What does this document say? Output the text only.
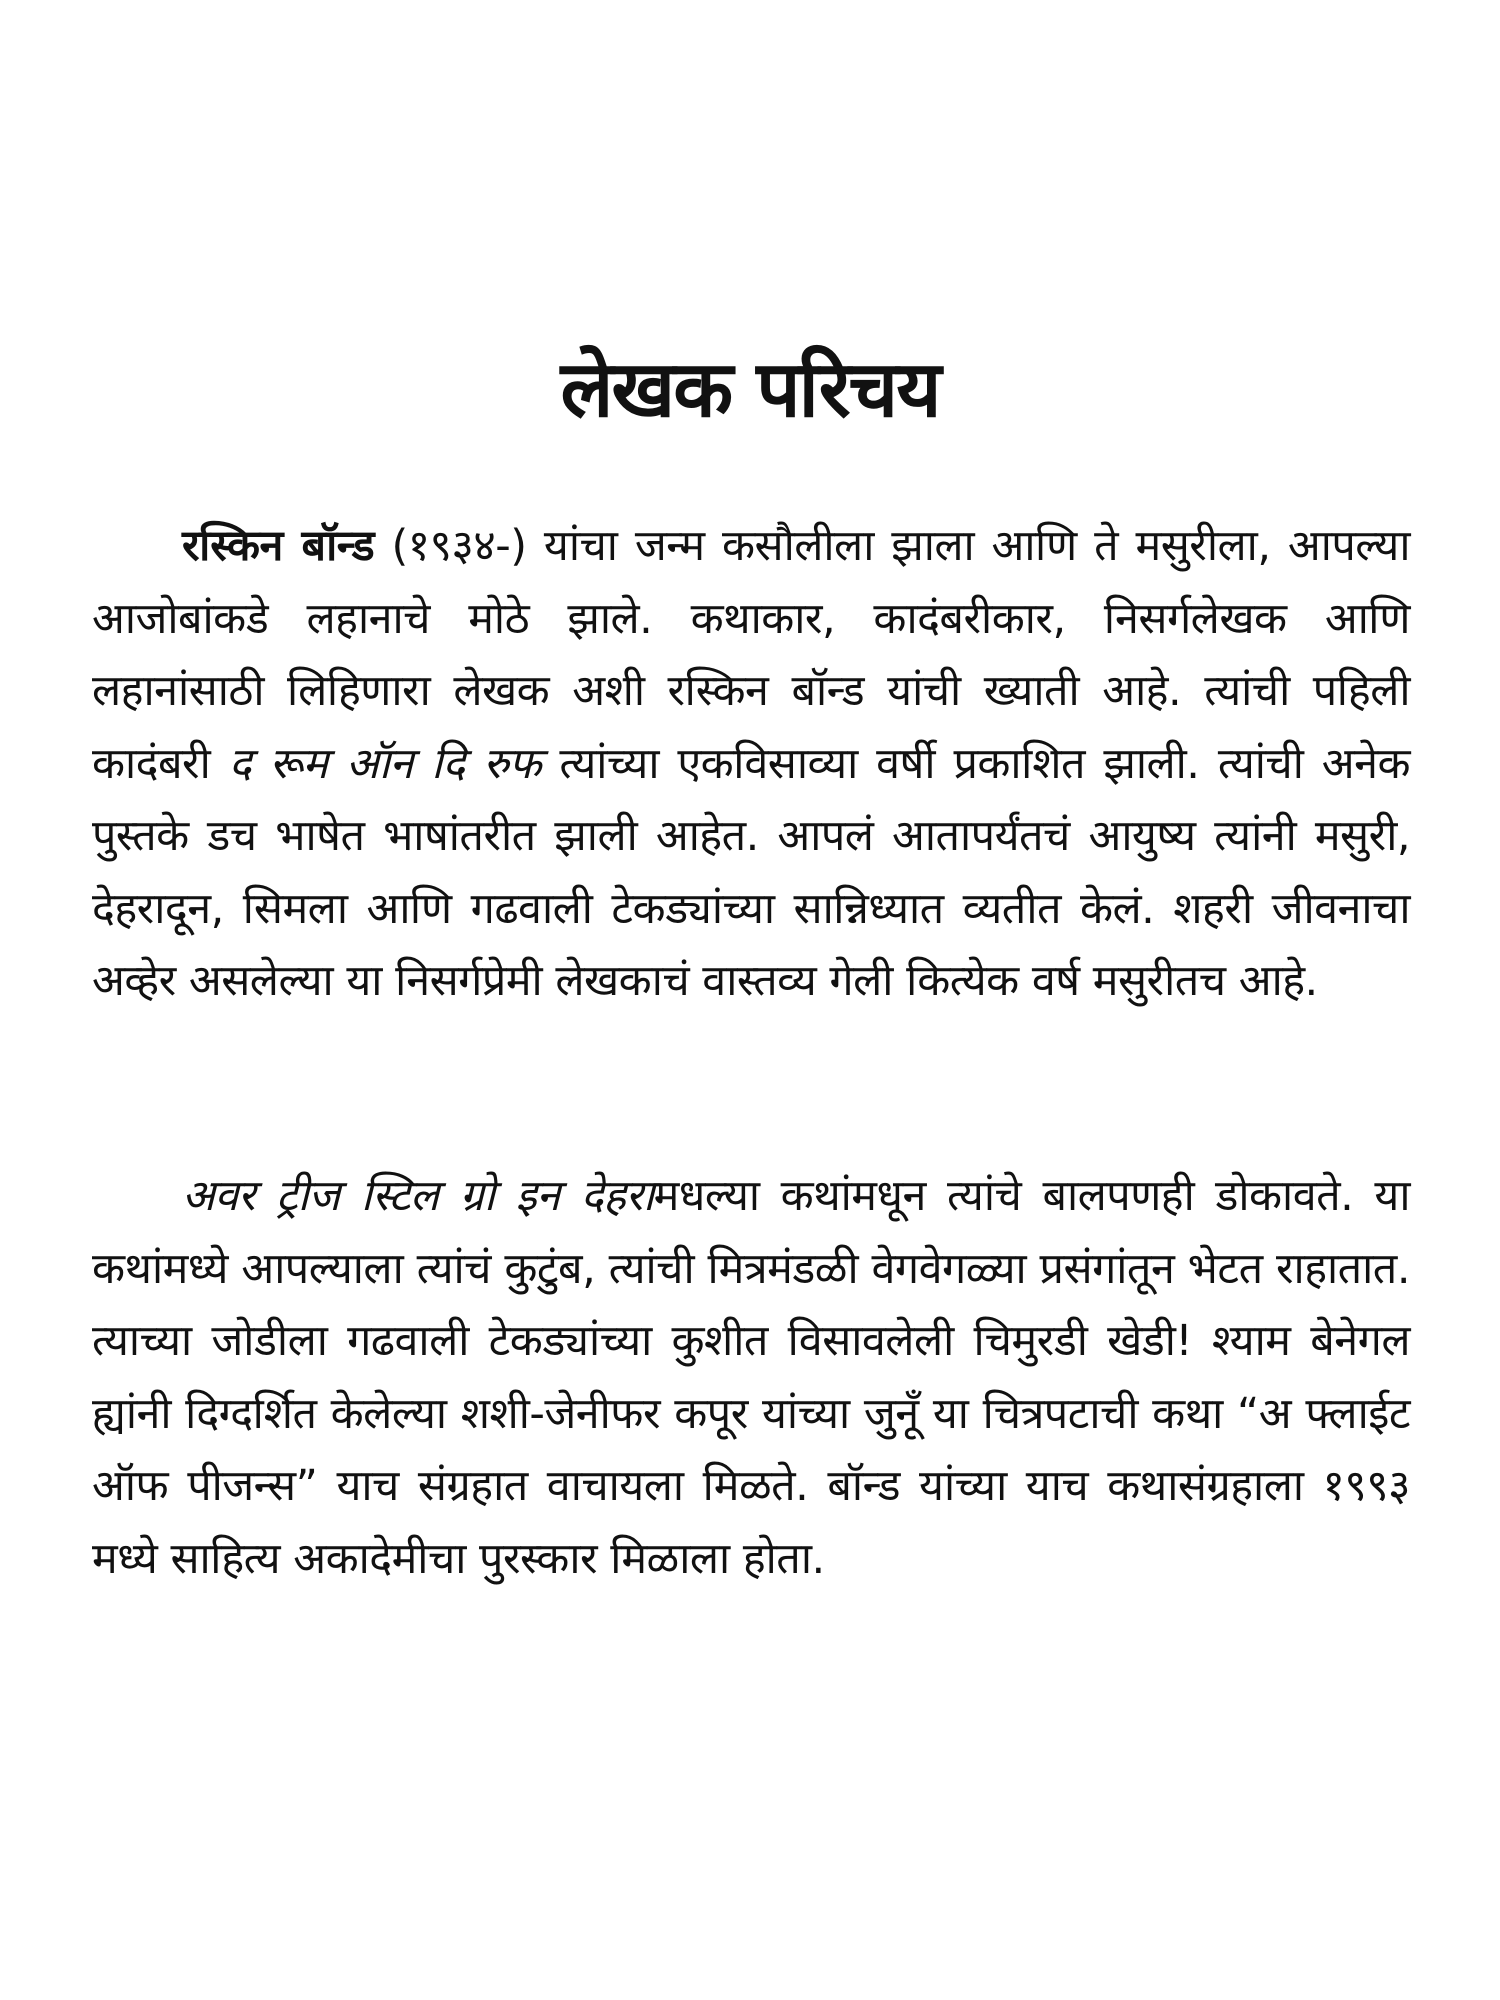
लेखक परिचय

रस्किन बॉन्ड (१९३४-) यांचा जन्म कसौलीला झाला आणि ते मसुरीला, आपल्या आजोबांकडे लहानाचे मोठे झाले. कथाकार, कादंबरीकार, निसर्गलेखक आणि लहानांसाठी लिहिणारा लेखक अशी रस्किन बॉन्ड यांची ख्याती आहे. त्यांची पहिली कादंबरी द रूम ऑन दि रुफ त्यांच्या एकविसाव्या वर्षी प्रकाशित झाली. त्यांची अनेक पुस्तके डच भाषेत भाषांतरीत झाली आहेत. आपलं आतापर्यंतचं आयुष्य त्यांनी मसुरी, देहरादून, सिमला आणि गढवाली टेकड्यांच्या सान्निध्यात व्यतीत केलं. शहरी जीवनाचा अव्हेर असलेल्या या निसर्गप्रेमी लेखकाचं वास्तव्य गेली कित्येक वर्ष मसुरीतच आहे.

अवर ट्रीज स्टिल ग्रो इन देहरामधल्या कथांमधून त्यांचे बालपणही डोकावते. या कथांमध्ये आपल्याला त्यांचं कुटुंब, त्यांची मित्रमंडळी वेगवेगळ्या प्रसंगांतून भेटत राहातात. त्याच्या जोडीला गढवाली टेकड्यांच्या कुशीत विसावलेली चिमुरडी खेडी! श्याम बेनेगल ह्यांनी दिग्दर्शित केलेल्या शशी-जेनीफर कपूर यांच्या जुनूँ या चित्रपटाची कथा “अ फ्लाईट ऑफ पीजन्स” याच संग्रहात वाचायला मिळते. बॉन्ड यांच्या याच कथासंग्रहाला १९९३ मध्ये साहित्य अकादेमीचा पुरस्कार मिळाला होता.
